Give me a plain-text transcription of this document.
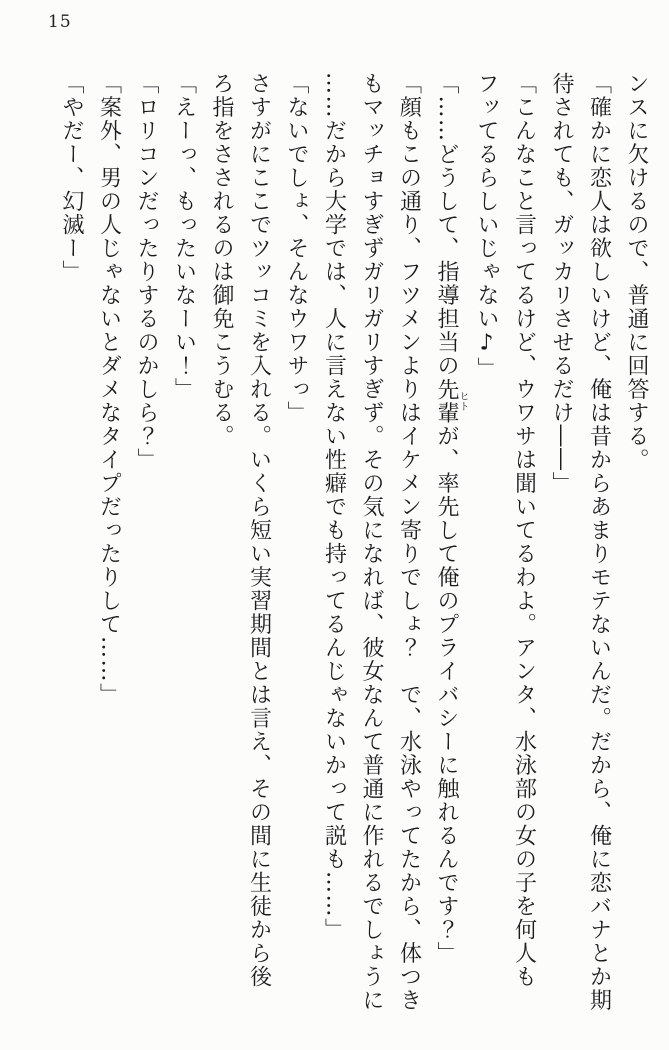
15

ンスに欠けるので、普通に回答する。

「確かに恋人は欲しいけど、俺は昔からあまりモテないんだ。だから、俺に恋バナとか期

待されても、ガッカリさせるだけ――」

「こんなこと言ってるけど、ウワサは聞いてるわよ。アンタ、水泳部の女の子を何人も

フッてるらしいじゃない♪」

「……どうして、指導担当の先輩ヒトが、率先して俺のプライバシーに触れるんです？」

「顔もこの通り、フツメンよりはイケメン寄りでしょ？　で、水泳やってたから、体つき

もマッチョすぎずガリガリすぎず。その気になれば、彼女なんて普通に作れるでしょうに

……だから大学では、人に言えない性癖でも持ってるんじゃないかって説も……」

「ないでしょ、そんなウワサっ」

さすがにここでツッコミを入れる。いくら短い実習期間とは言え、その間に生徒から後

ろ指をさされるのは御免こうむる。

「えーっ、もったいなーい！」

「ロリコンだったりするのかしら？」

「案外、男の人じゃないとダメなタイプだったりして……」

「やだー、幻滅ー」
